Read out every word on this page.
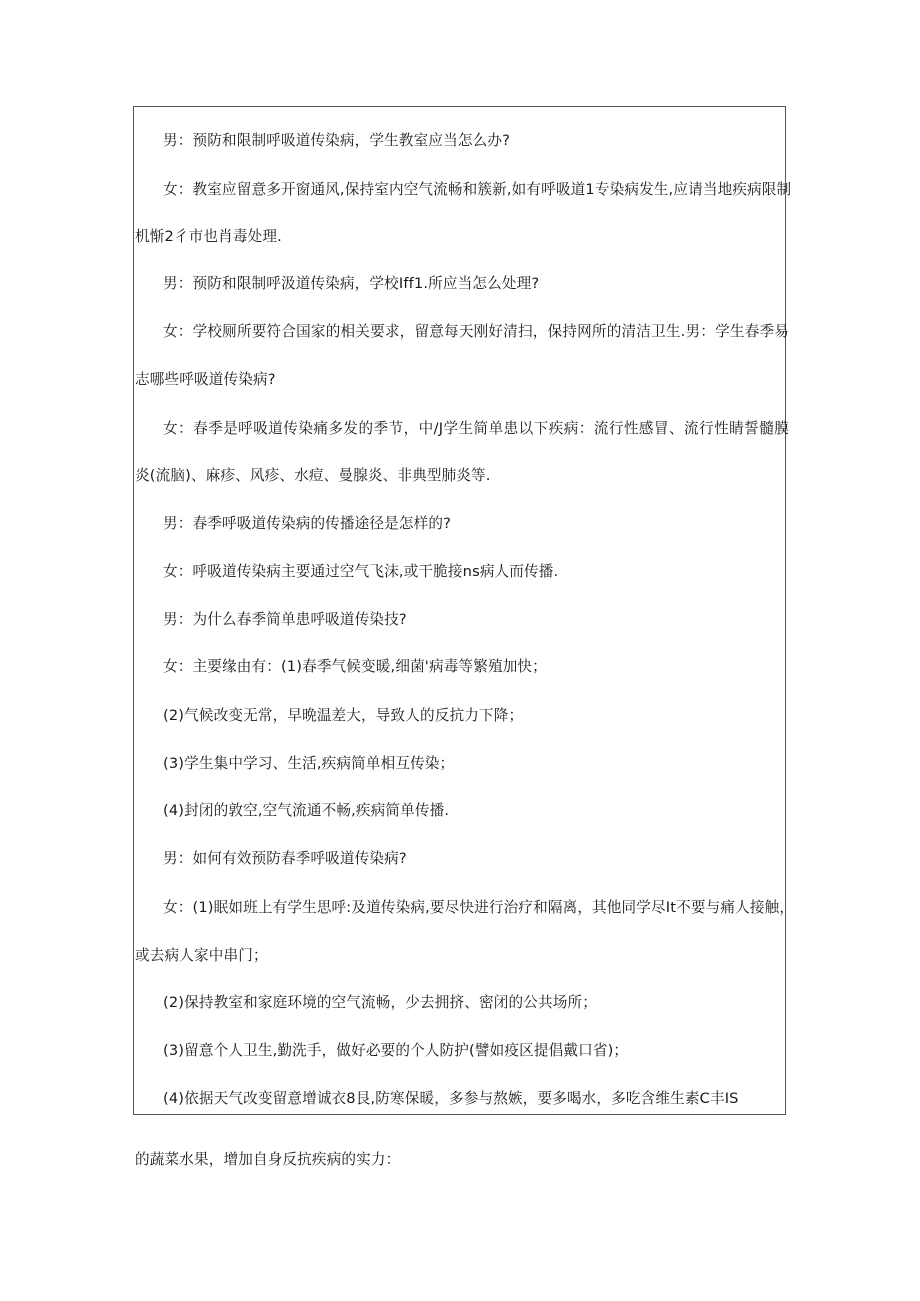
男：预防和限制呼吸道传染病，学生教室应当怎么办?
女：教室应留意多开窗通风,保持室内空气流畅和簇新,如有呼吸道1专染病发生,应请当地疾病限制
机惭2彳市也肖毒处理.
男：预防和限制呼汲道传染病，学校Iff1.所应当怎么处理?
女：学校厕所要符合国家的相关要求，留意每天刚好清扫，保持网所的清洁卫生.男：学生春季易
志哪些呼吸道传染病?
女：春季是呼吸道传染痛多发的季节，中/J学生简单患以下疾病：流行性感冒、流行性睛誓髓膜
炎(流脑)、麻疹、风疹、水痘、曼腺炎、非典型肺炎等.
男：春季呼吸道传染病的传播途径是怎样的?
女：呼吸道传染病主要通过空气飞沫,或干脆接ns病人而传播.
男：为什么春季简单患呼吸道传染技?
女：主要缘由有：(1)春季气候变暖,细菌'病毒等繁殖加快；
(2)气候改变无常，早晩温差大，导致人的反抗力下降；
(3)学生集中学习、生活,疾病简单相互传染；
(4)封闭的敦空,空气流通不畅,疾病简单传播.
男：如何有效预防春季呼吸道传染病?
女：(1)眠如班上有学生思呼:及道传染病,要尽快进行治疗和隔离，其他同学尽It不要与痛人接触，
或去病人家中串门；
(2)保持教室和家庭环境的空气流畅，少去拥挤、密闭的公共场所；
(3)留意个人卫生,勤洗手，做好必要的个人防护(譬如疫区提倡戴口省)；
(4)依据天气改变留意增诚衣8艮,防寒保暖，多参与熬嫉，要多喝水，多吃含维生素C丰IS
的蔬菜水果，增加自身反抗疾病的实力：
